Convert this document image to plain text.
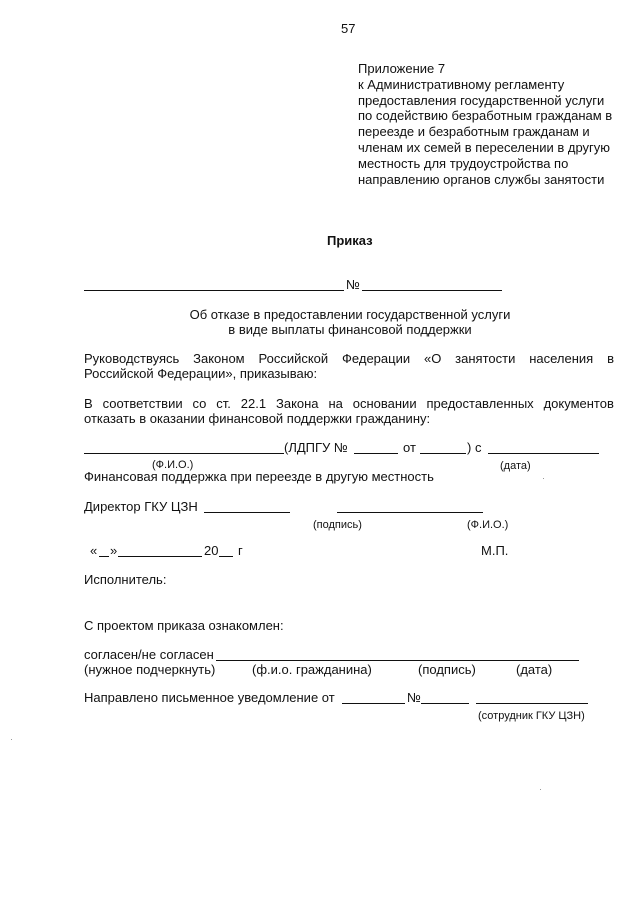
57
Приложение 7
к Административному регламенту
предоставления государственной услуги
по содействию безработным гражданам в
переезде и безработным гражданам и
членам их семей в переселении в другую
местность для трудоустройства по
направлению органов службы занятости
Приказ
№
Об отказе в предоставлении государственной услуги
в виде выплаты финансовой поддержки
Руководствуясь Законом Российской Федерации «О занятости населения в
Российской Федерации», приказываю:
В соответствии со ст. 22.1 Закона на основании предоставленных документов
отказать в оказании финансовой поддержки гражданину:
(ЛДПГУ №	от	) с
(Ф.И.О.)	(дата)
Финансовая поддержка при переезде в другую местность
Директор ГКУ ЦЗН
(подпись)	(Ф.И.О.)
« »	20 г	М.П.
Исполнитель:
С проектом приказа ознакомлен:
согласен/не согласен
(нужное подчеркнуть)	(ф.и.о. гражданина)	(подпись)	(дата)
Направлено письменное уведомление от	№
(сотрудник ГКУ ЦЗН)
